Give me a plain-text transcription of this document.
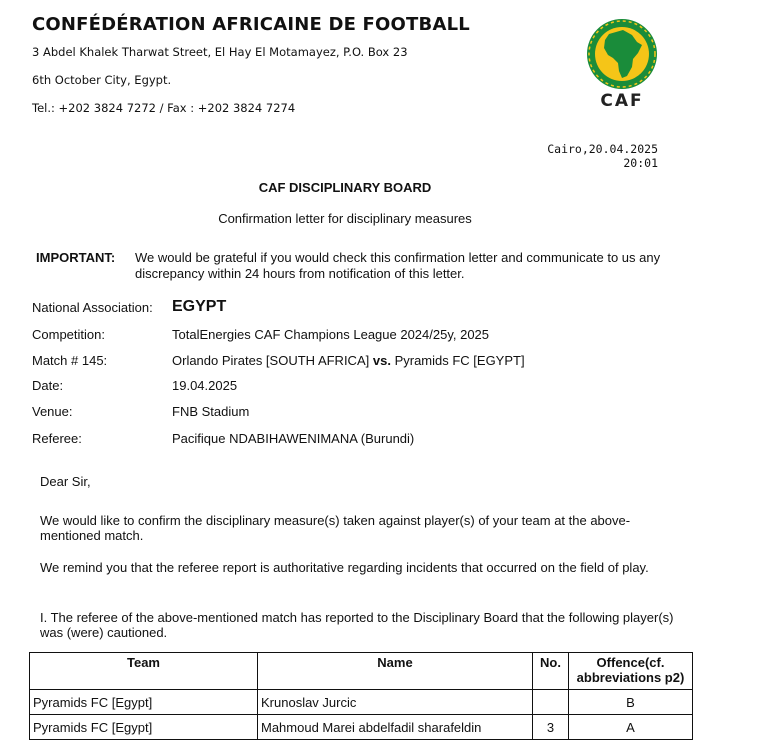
CONFÉDÉRATION AFRICAINE DE FOOTBALL
3 Abdel Khalek Tharwat Street, El Hay El Motamayez, P.O. Box 23
6th October City, Egypt.
Tel.: +202 3824 7272 / Fax : +202 3824 7274	CAF
Cairo,20.04.2025
20:01
CAF DISCIPLINARY BOARD
Confirmation letter for disciplinary measures
IMPORTANT: We would be grateful if you would check this confirmation letter and communicate to us any discrepancy within 24 hours from notification of this letter.
National Association: EGYPT
Competition:	TotalEnergies CAF Champions League 2024/25y, 2025
Match # 145:	Orlando Pirates [SOUTH AFRICA] vs. Pyramids FC [EGYPT]
Date:	19.04.2025
Venue:	FNB Stadium
Referee:	Pacifique NDABIHAWENIMANA (Burundi)
Dear Sir,
We would like to confirm the disciplinary measure(s) taken against player(s) of your team at the above-mentioned match.
We remind you that the referee report is authoritative regarding incidents that occurred on the field of play.
I. The referee of the above-mentioned match has reported to the Disciplinary Board that the following player(s) was (were) cautioned.
Team	Name	No.	Offence(cf. abbreviations p2)
Pyramids FC [Egypt]	Krunoslav Jurcic		B
Pyramids FC [Egypt]	Mahmoud Marei abdelfadil sharafeldin	3	A
